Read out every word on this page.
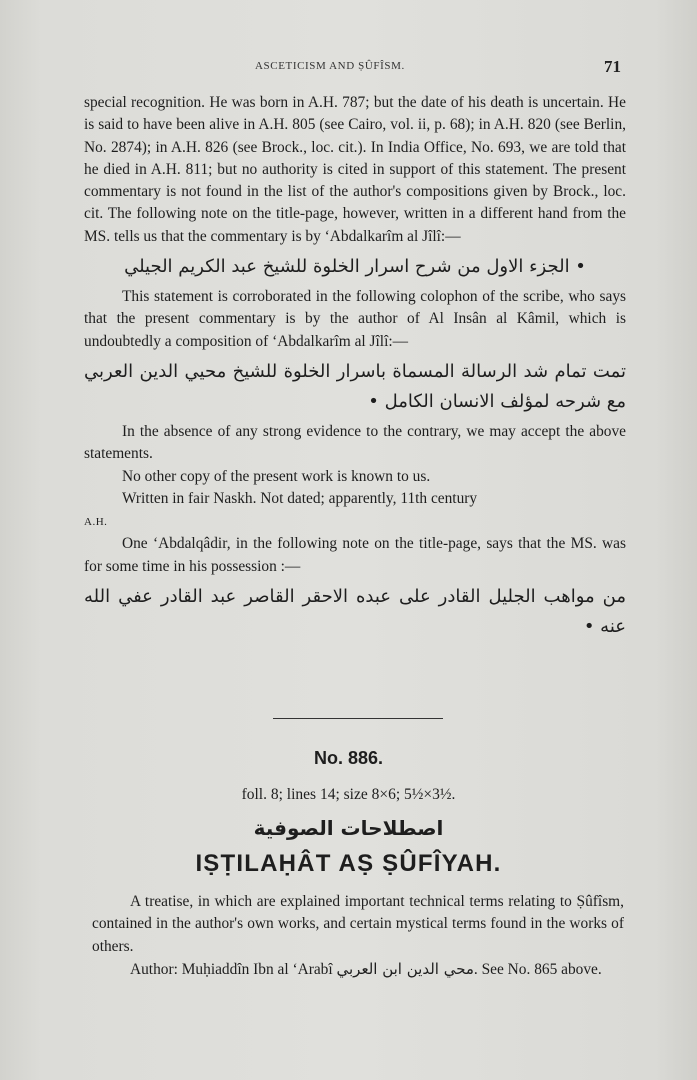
ASCETICISM AND ṢÛFÎSM.	71

special recognition. He was born in A.H. 787; but the date of his death is uncertain. He is said to have been alive in A.H. 805 (see Cairo, vol. ii, p. 68); in A.H. 820 (see Berlin, No. 2874); in A.H. 826 (see Brock., loc. cit.). In India Office, No. 693, we are told that he died in A.H. 811; but no authority is cited in support of this statement. The present commentary is not found in the list of the author's compositions given by Brock., loc. cit. The following note on the title-page, however, written in a different hand from the MS. tells us that the commentary is by ‘Abdalkarîm al Jîlî:—

• الجزء الاول من شرح اسرار الخلوة للشيخ عبد الكريم الجيلي

This statement is corroborated in the following colophon of the scribe, who says that the present commentary is by the author of Al Insân al Kâmil, which is undoubtedly a composition of ‘Abdalkarîm al Jîlî:—

تمت تمام شد الرسالة المسماة باسرار الخلوة للشيخ محيي الدين العربي مع شرحه لمؤلف الانسان الكامل •

In the absence of any strong evidence to the contrary, we may accept the above statements.

No other copy of the present work is known to us.

Written in fair Naskh. Not dated; apparently, 11th century
A.H.

One ‘Abdalqâdir, in the following note on the title-page, says that the MS. was for some time in his possession :—

من مواهب الجليل القادر على عبده الاحقر القاصر عبد القادر عفي الله عنه •

No. 886.
foll. 8; lines 14; size 8×6; 5½×3½.
اصطلاحات الصوفية
IṢṬILAḤÂT AṢ ṢÛFÎYAH.

A treatise, in which are explained important technical terms relating to Ṣûfîsm, contained in the author's own works, and certain mystical terms found in the works of others.

Author: Muḥiaddîn Ibn al ‘Arabî محي الدين ابن العربي. See No. 865 above.
